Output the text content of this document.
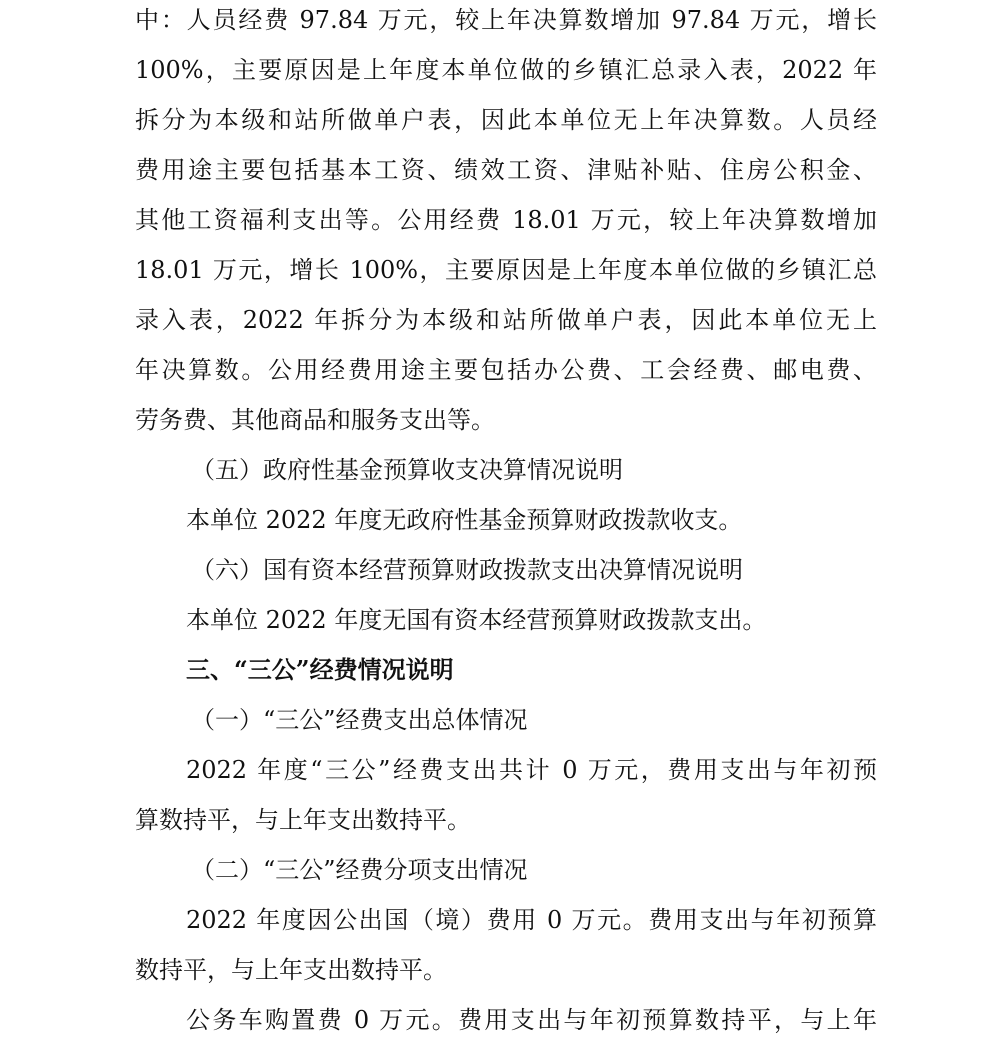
中：人员经费 97.84 万元，较上年决算数增加 97.84 万元，增长
100%，主要原因是上年度本单位做的乡镇汇总录入表，2022 年
拆分为本级和站所做单户表，因此本单位无上年决算数。人员经
费用途主要包括基本工资、绩效工资、津贴补贴、住房公积金、
其他工资福利支出等。公用经费 18.01 万元，较上年决算数增加
18.01 万元，增长 100%，主要原因是上年度本单位做的乡镇汇总
录入表，2022 年拆分为本级和站所做单户表，因此本单位无上
年决算数。公用经费用途主要包括办公费、工会经费、邮电费、
劳务费、其他商品和服务支出等。
（五）政府性基金预算收支决算情况说明
本单位 2022 年度无政府性基金预算财政拨款收支。
（六）国有资本经营预算财政拨款支出决算情况说明
本单位 2022 年度无国有资本经营预算财政拨款支出。
三、“三公”经费情况说明
（一）“三公”经费支出总体情况
2022 年度“三公”经费支出共计 0 万元，费用支出与年初预
算数持平，与上年支出数持平。
（二）“三公”经费分项支出情况
2022 年度因公出国（境）费用 0 万元。费用支出与年初预算
数持平，与上年支出数持平。
公务车购置费 0 万元。费用支出与年初预算数持平，与上年
